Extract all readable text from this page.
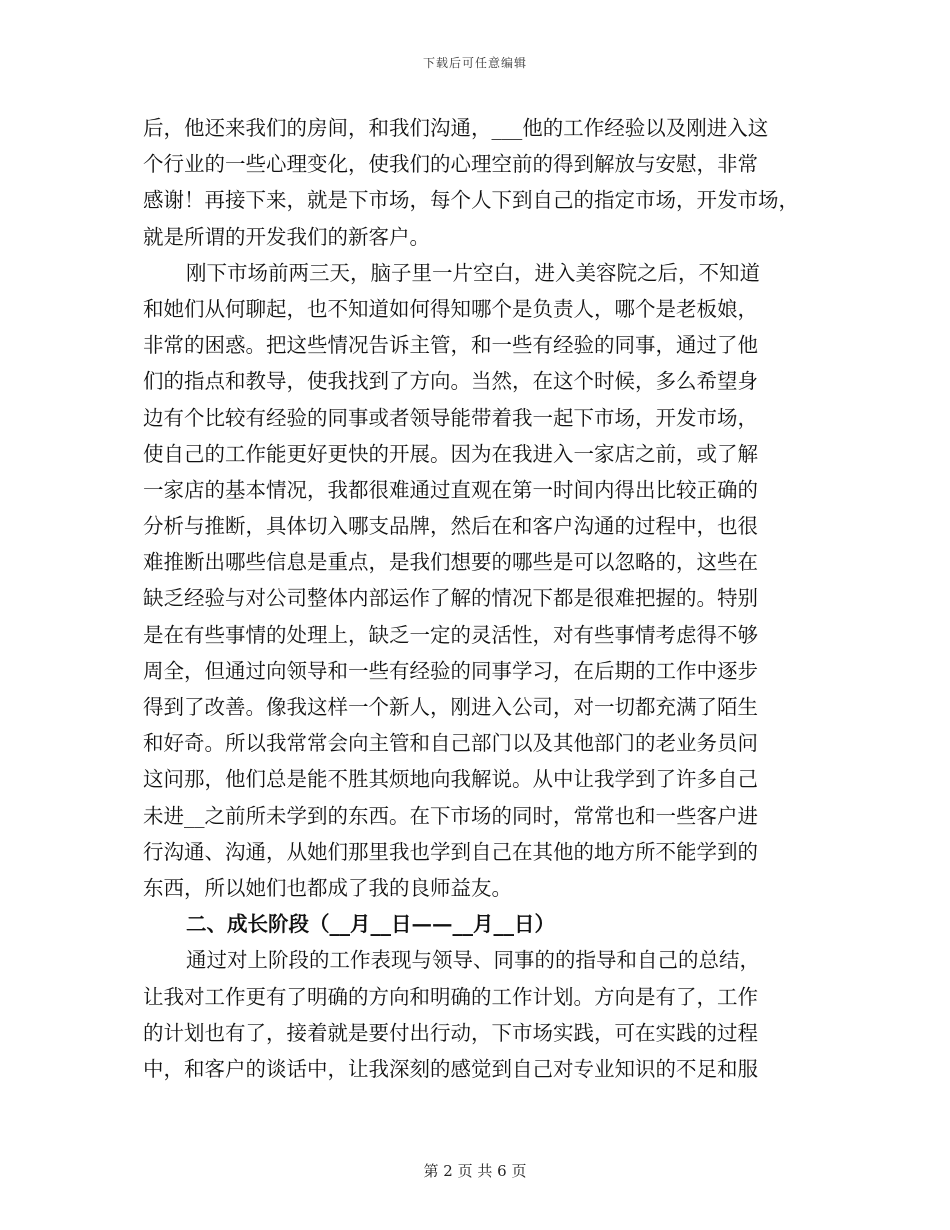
下载后可任意编辑
后，他还来我们的房间，和我们沟通，___他的工作经验以及刚进入这
个行业的一些心理变化，使我们的心理空前的得到解放与安慰，非常
感谢！再接下来，就是下市场，每个人下到自己的指定市场，开发市场，
就是所谓的开发我们的新客户。
刚下市场前两三天，脑子里一片空白，进入美容院之后，不知道
和她们从何聊起，也不知道如何得知哪个是负责人，哪个是老板娘，
非常的困惑。把这些情况告诉主管，和一些有经验的同事，通过了他
们的指点和教导，使我找到了方向。当然，在这个时候，多么希望身
边有个比较有经验的同事或者领导能带着我一起下市场，开发市场，
使自己的工作能更好更快的开展。因为在我进入一家店之前，或了解
一家店的基本情况，我都很难通过直观在第一时间内得出比较正确的
分析与推断，具体切入哪支品牌，然后在和客户沟通的过程中，也很
难推断出哪些信息是重点，是我们想要的哪些是可以忽略的，这些在
缺乏经验与对公司整体内部运作了解的情况下都是很难把握的。特别
是在有些事情的处理上，缺乏一定的灵活性，对有些事情考虑得不够
周全，但通过向领导和一些有经验的同事学习，在后期的工作中逐步
得到了改善。像我这样一个新人，刚进入公司，对一切都充满了陌生
和好奇。所以我常常会向主管和自己部门以及其他部门的老业务员问
这问那，他们总是能不胜其烦地向我解说。从中让我学到了许多自己
未进__之前所未学到的东西。在下市场的同时，常常也和一些客户进
行沟通、沟通，从她们那里我也学到自己在其他的地方所不能学到的
东西，所以她们也都成了我的良师益友。
二、成长阶段（__月__日——__月__日）
通过对上阶段的工作表现与领导、同事的的指导和自己的总结，
让我对工作更有了明确的方向和明确的工作计划。方向是有了，工作
的计划也有了，接着就是要付出行动，下市场实践，可在实践的过程
中，和客户的谈话中，让我深刻的感觉到自己对专业知识的不足和服
第 2 页 共 6 页
